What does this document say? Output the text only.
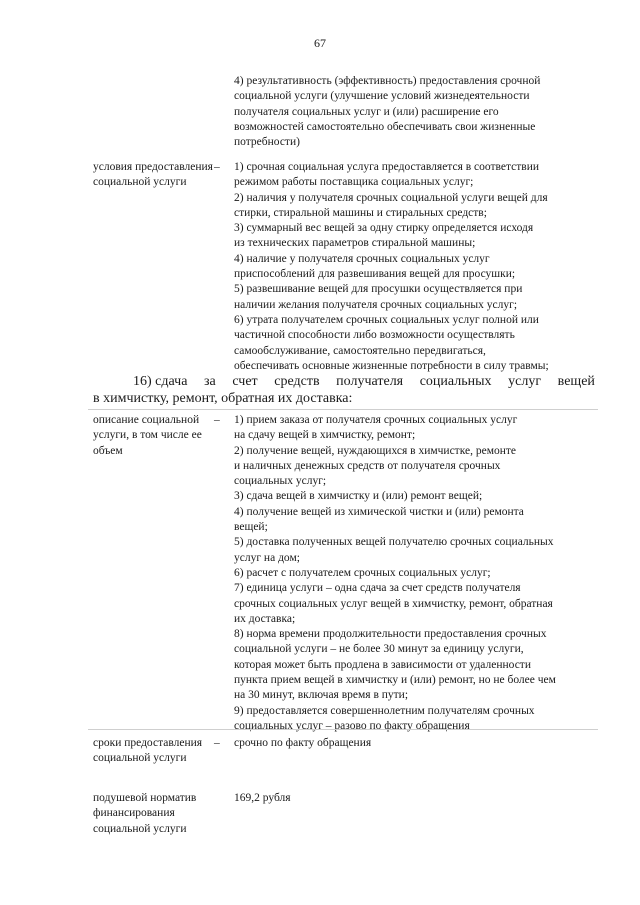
67

4) результативность (эффективность) предоставления срочной

социальной услуги (улучшение условий жизнедеятельности

получателя социальных услуг и (или) расширение его

возможностей самостоятельно обеспечивать свои жизненные

потребности)

условия предоставления социальной услуги
– 1) срочная социальная услуга предоставляется в соответствии

режимом работы поставщика социальных услуг;

2) наличия у получателя срочных социальной услуги вещей для

стирки, стиральной машины и стиральных средств;

3) суммарный вес вещей за одну стирку определяется исходя

из технических параметров стиральной машины;

4) наличие у получателя срочных социальных услуг

приспособлений для развешивания вещей для просушки;

5) развешивание вещей для просушки осуществляется при

наличии желания получателя срочных социальных услуг;

6) утрата получателем срочных социальных услуг полной или

частичной способности либо возможности осуществлять

самообслуживание, самостоятельно передвигаться,

обеспечивать основные жизненные потребности в силу травмы;

16) сдача за счет средств получателя социальных услуг вещей
в химчистку, ремонт, обратная их доставка:
описание социальной услуги, в том числе ее объем
– 1) прием заказа от получателя срочных социальных услуг

на сдачу вещей в химчистку, ремонт;

2) получение вещей, нуждающихся в химчистке, ремонте

и наличных денежных средств от получателя срочных

социальных услуг;

3) сдача вещей в химчистку и (или) ремонт вещей;

4) получение вещей из химической чистки и (или) ремонта

вещей;

5) доставка полученных вещей получателю срочных социальных

услуг на дом;

6) расчет с получателем срочных социальных услуг;

7) единица услуги – одна сдача за счет средств получателя

срочных социальных услуг вещей в химчистку, ремонт, обратная

их доставка;

8) норма времени продолжительности предоставления срочных

социальной услуги – не более 30 минут за единицу услуги,

которая может быть продлена в зависимости от удаленности

пункта прием вещей в химчистку и (или) ремонт, но не более чем

на 30 минут, включая время в пути;

9) предоставляется совершеннолетним получателям срочных

социальных услуг – разово по факту обращения

сроки предоставления социальной услуги
– срочно по факту обращения
подушевой норматив финансирования социальной услуги
169,2 рубля
